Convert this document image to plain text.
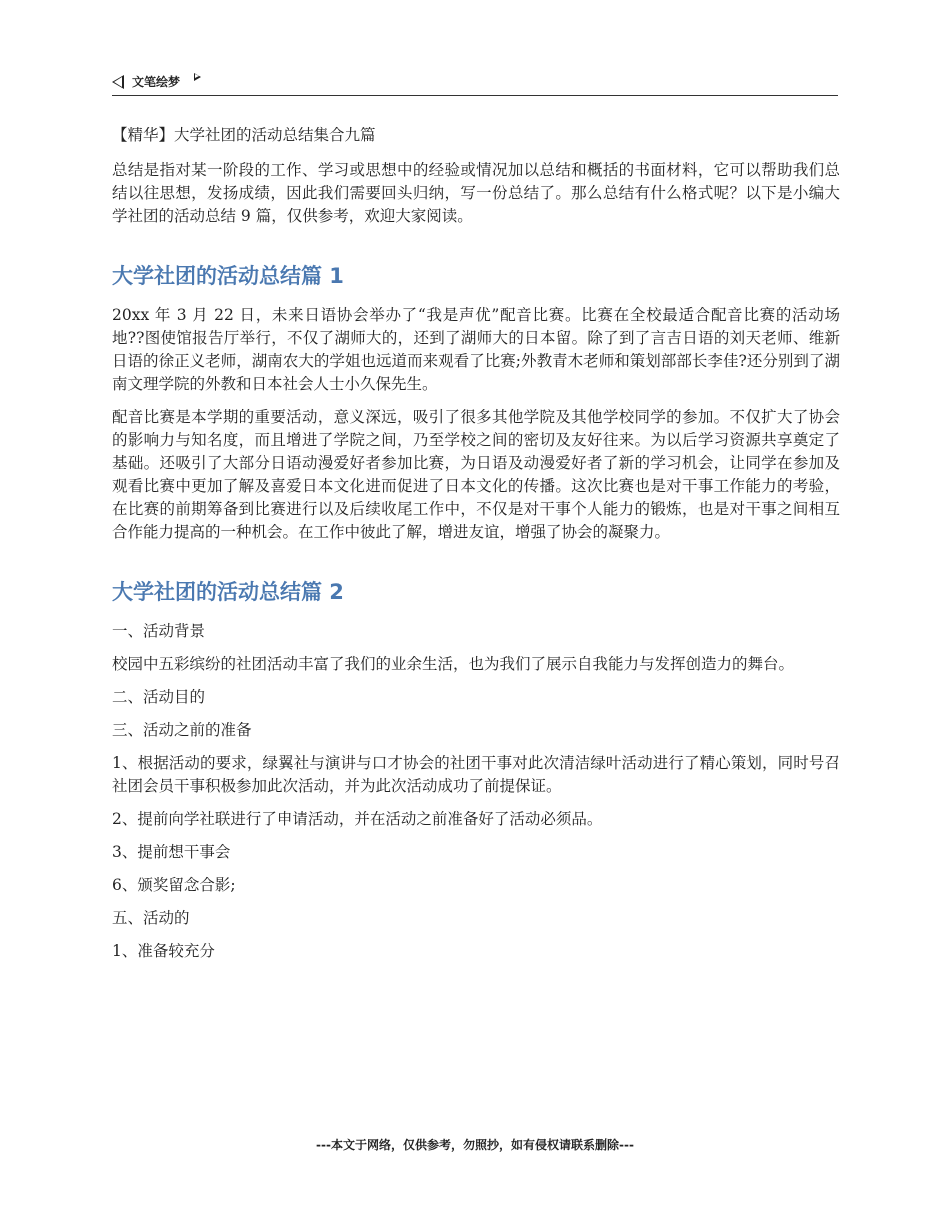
文笔绘梦

【精华】大学社团的活动总结集合九篇

总结是指对某一阶段的工作、学习或思想中的经验或情况加以总结和概括的书面材料，它可以帮助我们总结以往思想，发扬成绩，因此我们需要回头归纳，写一份总结了。那么总结有什么格式呢？以下是小编大学社团的活动总结 9 篇，仅供参考，欢迎大家阅读。

大学社团的活动总结篇 1

20xx 年 3 月 22 日，未来日语协会举办了“我是声优”配音比赛。比赛在全校最适合配音比赛的活动场地??图使馆报告厅举行，不仅了湖师大的，还到了湖师大的日本留。除了到了言吉日语的刘天老师、维新日语的徐正义老师，湖南农大的学姐也远道而来观看了比赛;外教青木老师和策划部部长李佳?还分别到了湖南文理学院的外教和日本社会人士小久保先生。

配音比赛是本学期的重要活动，意义深远，吸引了很多其他学院及其他学校同学的参加。不仅扩大了协会的影响力与知名度，而且增进了学院之间，乃至学校之间的密切及友好往来。为以后学习资源共享奠定了基础。还吸引了大部分日语动漫爱好者参加比赛，为日语及动漫爱好者了新的学习机会，让同学在参加及观看比赛中更加了解及喜爱日本文化进而促进了日本文化的传播。这次比赛也是对干事工作能力的考验，在比赛的前期筹备到比赛进行以及后续收尾工作中，不仅是对干事个人能力的锻炼，也是对干事之间相互合作能力提高的一种机会。在工作中彼此了解，增进友谊，增强了协会的凝聚力。

大学社团的活动总结篇 2

一、活动背景

校园中五彩缤纷的社团活动丰富了我们的业余生活，也为我们了展示自我能力与发挥创造力的舞台。

二、活动目的

三、活动之前的准备

1、根据活动的要求，绿翼社与演讲与口才协会的社团干事对此次清洁绿叶活动进行了精心策划，同时号召社团会员干事积极参加此次活动，并为此次活动成功了前提保证。

2、提前向学社联进行了申请活动，并在活动之前准备好了活动必须品。

3、提前想干事会

6、颁奖留念合影;

五、活动的

1、准备较充分

---本文于网络，仅供参考，勿照抄，如有侵权请联系删除---
